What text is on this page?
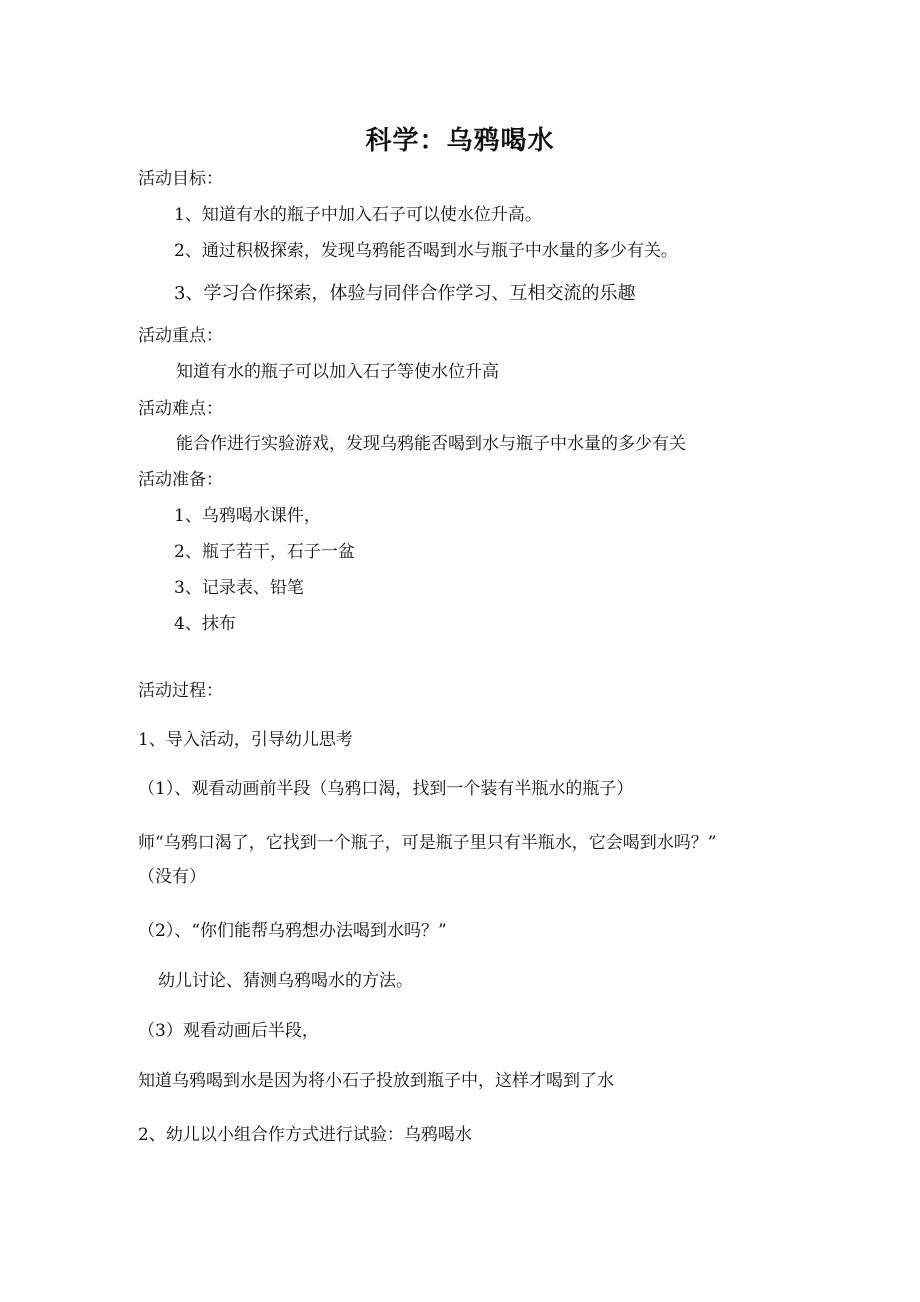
科学：乌鸦喝水
活动目标：
1、知道有水的瓶子中加入石子可以使水位升高。
2、通过积极探索，发现乌鸦能否喝到水与瓶子中水量的多少有关。
3、学习合作探索，体验与同伴合作学习、互相交流的乐趣
活动重点：
知道有水的瓶子可以加入石子等使水位升高
活动难点：
能合作进行实验游戏，发现乌鸦能否喝到水与瓶子中水量的多少有关
活动准备：
1、乌鸦喝水课件，
2、瓶子若干，石子一盆
3、记录表、铅笔
4、抹布
活动过程：
1、导入活动，引导幼儿思考
（1）、观看动画前半段（乌鸦口渴，找到一个装有半瓶水的瓶子）
师“乌鸦口渴了，它找到一个瓶子，可是瓶子里只有半瓶水，它会喝到水吗？”
（没有）
（2）、“你们能帮乌鸦想办法喝到水吗？”
幼儿讨论、猜测乌鸦喝水的方法。
（3）观看动画后半段，
知道乌鸦喝到水是因为将小石子投放到瓶子中，这样才喝到了水
2、幼儿以小组合作方式进行试验：乌鸦喝水
